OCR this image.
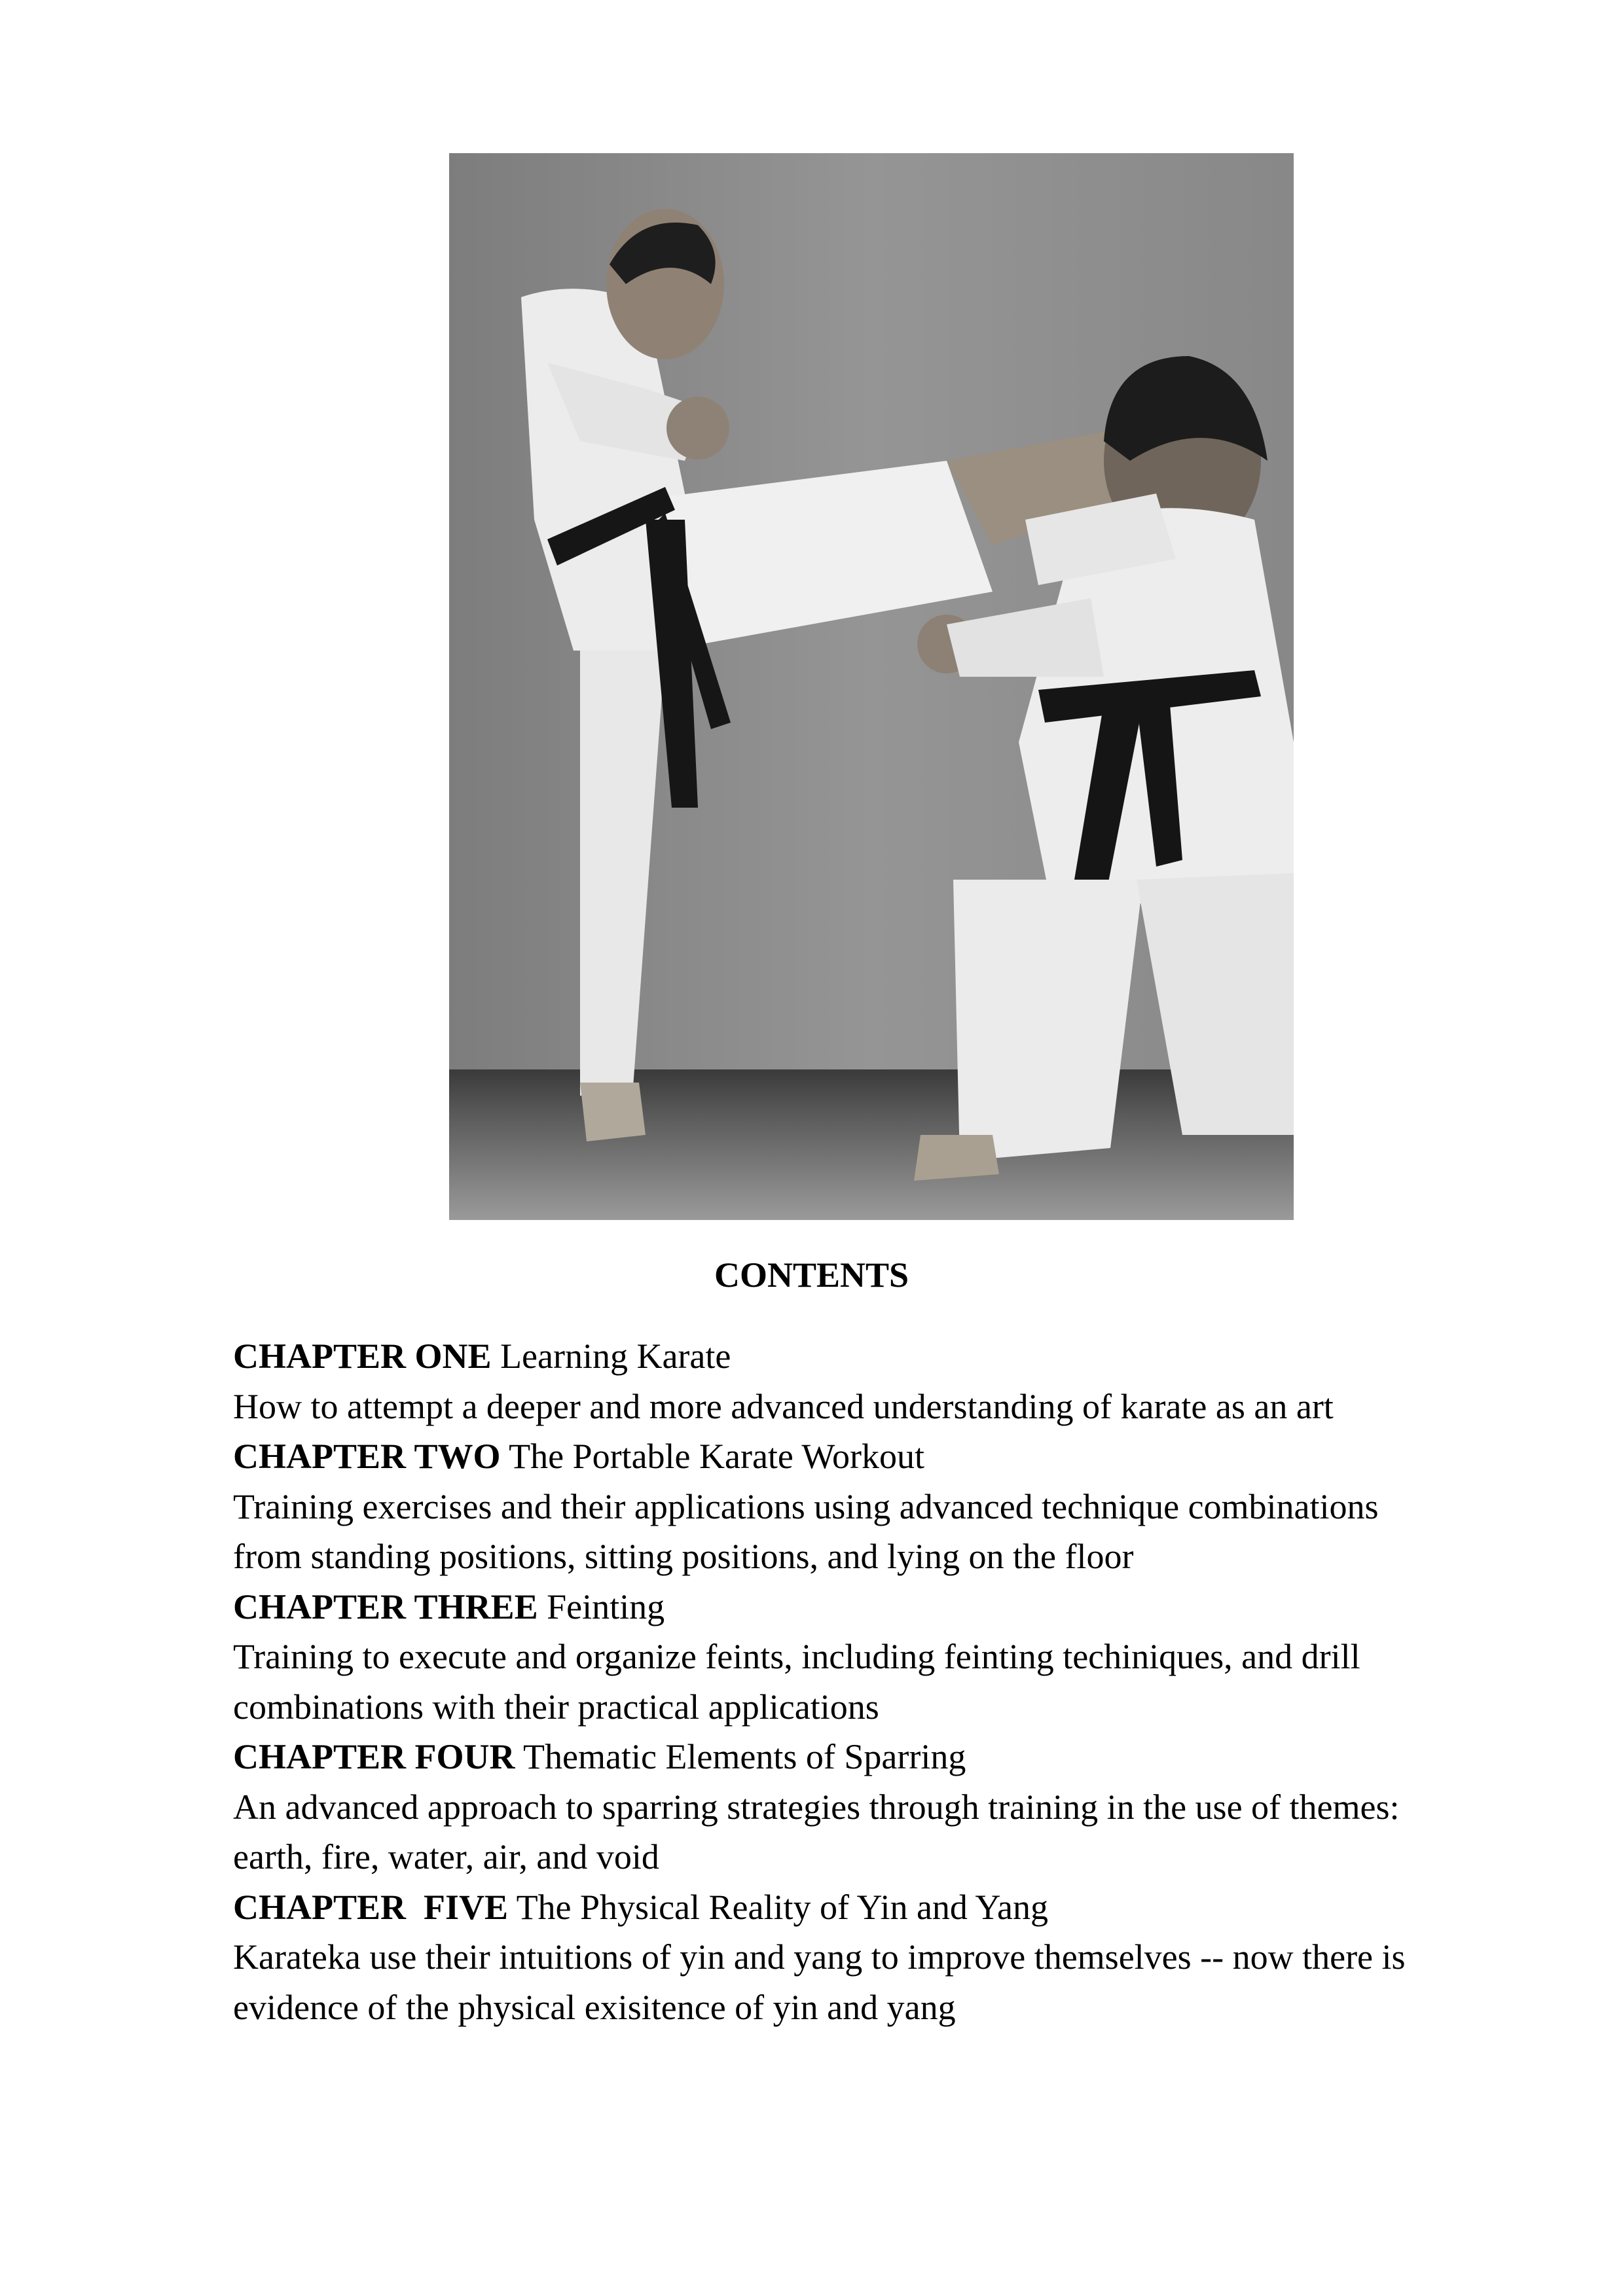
CONTENTS
CHAPTER ONE Learning Karate
How to attempt a deeper and more advanced understanding of karate as an art
CHAPTER TWO The Portable Karate Workout
Training exercises and their applications using advanced technique combinations
from standing positions, sitting positions, and lying on the floor
CHAPTER THREE Feinting
Training to execute and organize feints, including feinting techiniques, and drill
combinations with their practical applications
CHAPTER FOUR Thematic Elements of Sparring
An advanced approach to sparring strategies through training in the use of themes:
earth, fire, water, air, and void
CHAPTER  FIVE The Physical Reality of Yin and Yang
Karateka use their intuitions of yin and yang to improve themselves -- now there is
evidence of the physical exisitence of yin and yang
